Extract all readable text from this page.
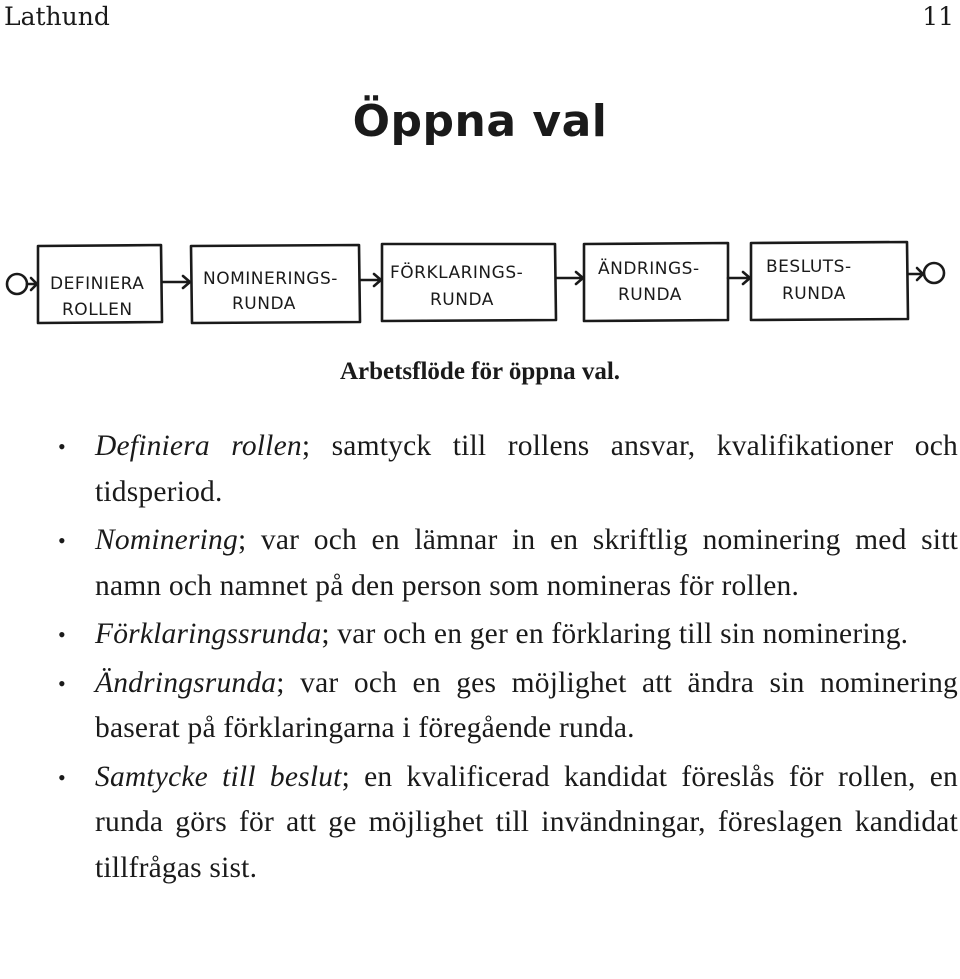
Lathund	11
Öppna val
DEFINIERA
ROLLEN
NOMINERINGS-
RUNDA
FÖRKLARINGS-
RUNDA
ÄNDRINGS-
RUNDA
BESLUTS-
RUNDA
Arbetsflöde för öppna val.
• Definiera rollen; samtyck till rollens ansvar, kvalifikationer och tidsperiod.
• Nominering; var och en lämnar in en skriftlig nominering med sitt namn och namnet på den person som nomineras för rollen.
• Förklaringssrunda; var och en ger en förklaring till sin nominering.
• Ändringsrunda; var och en ges möjlighet att ändra sin nominering baserat på förklaringarna i föregående runda.
• Samtycke till beslut; en kvalificerad kandidat föreslås för rollen, en runda görs för att ge möjlighet till invändningar, föreslagen kandidat tillfrågas sist.
